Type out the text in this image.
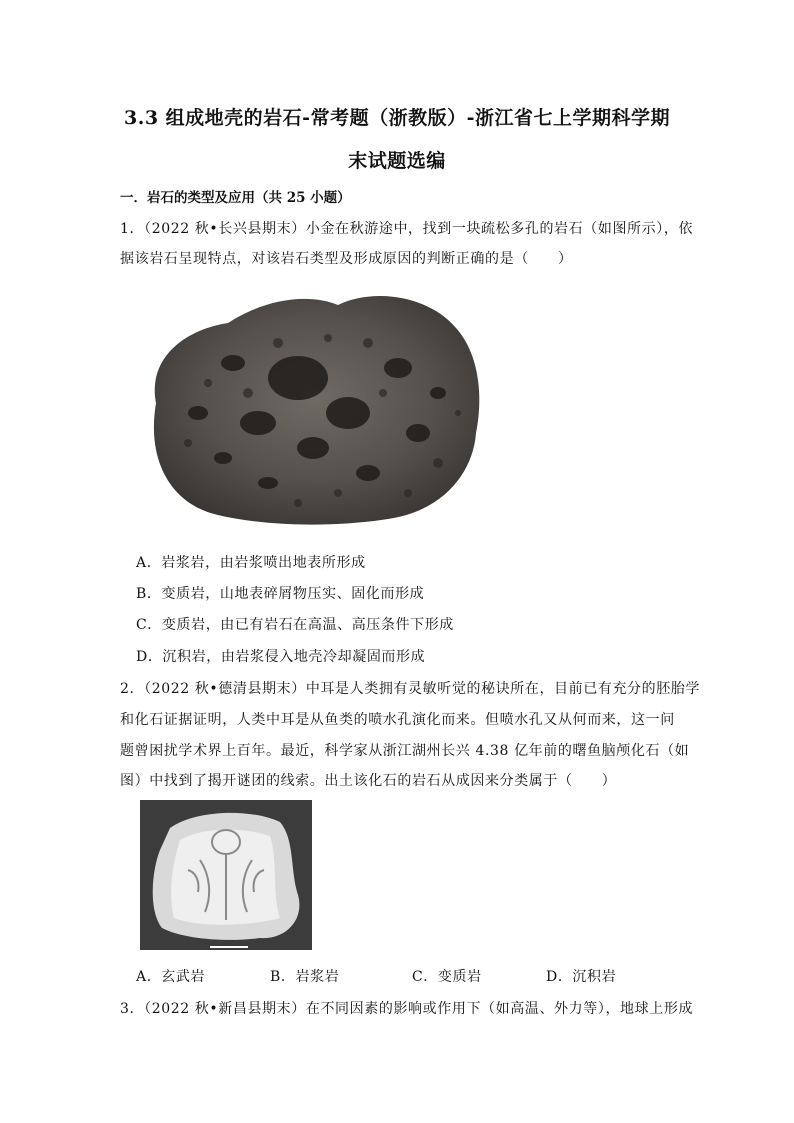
3.3 组成地壳的岩石-常考题（浙教版）-浙江省七上学期科学期
末试题选编
一．岩石的类型及应用（共 25 小题）
1．（2022 秋•长兴县期末）小金在秋游途中，找到一块疏松多孔的岩石（如图所示），依
据该岩石呈现特点，对该岩石类型及形成原因的判断正确的是（　　）
A．岩浆岩，由岩浆喷出地表所形成
B．变质岩，山地表碎屑物压实、固化而形成
C．变质岩，由已有岩石在高温、高压条件下形成
D．沉积岩，由岩浆侵入地壳冷却凝固而形成
2．（2022 秋•德清县期末）中耳是人类拥有灵敏听觉的秘诀所在，目前已有充分的胚胎学
和化石证据证明，人类中耳是从鱼类的喷水孔演化而来。但喷水孔又从何而来，这一问
题曾困扰学术界上百年。最近，科学家从浙江湖州长兴 4.38 亿年前的曙鱼脑颅化石（如
图）中找到了揭开谜团的线索。出土该化石的岩石从成因来分类属于（　　）
A．玄武岩	B．岩浆岩	C．变质岩	D．沉积岩
3．（2022 秋•新昌县期末）在不同因素的影响或作用下（如高温、外力等），地球上形成
